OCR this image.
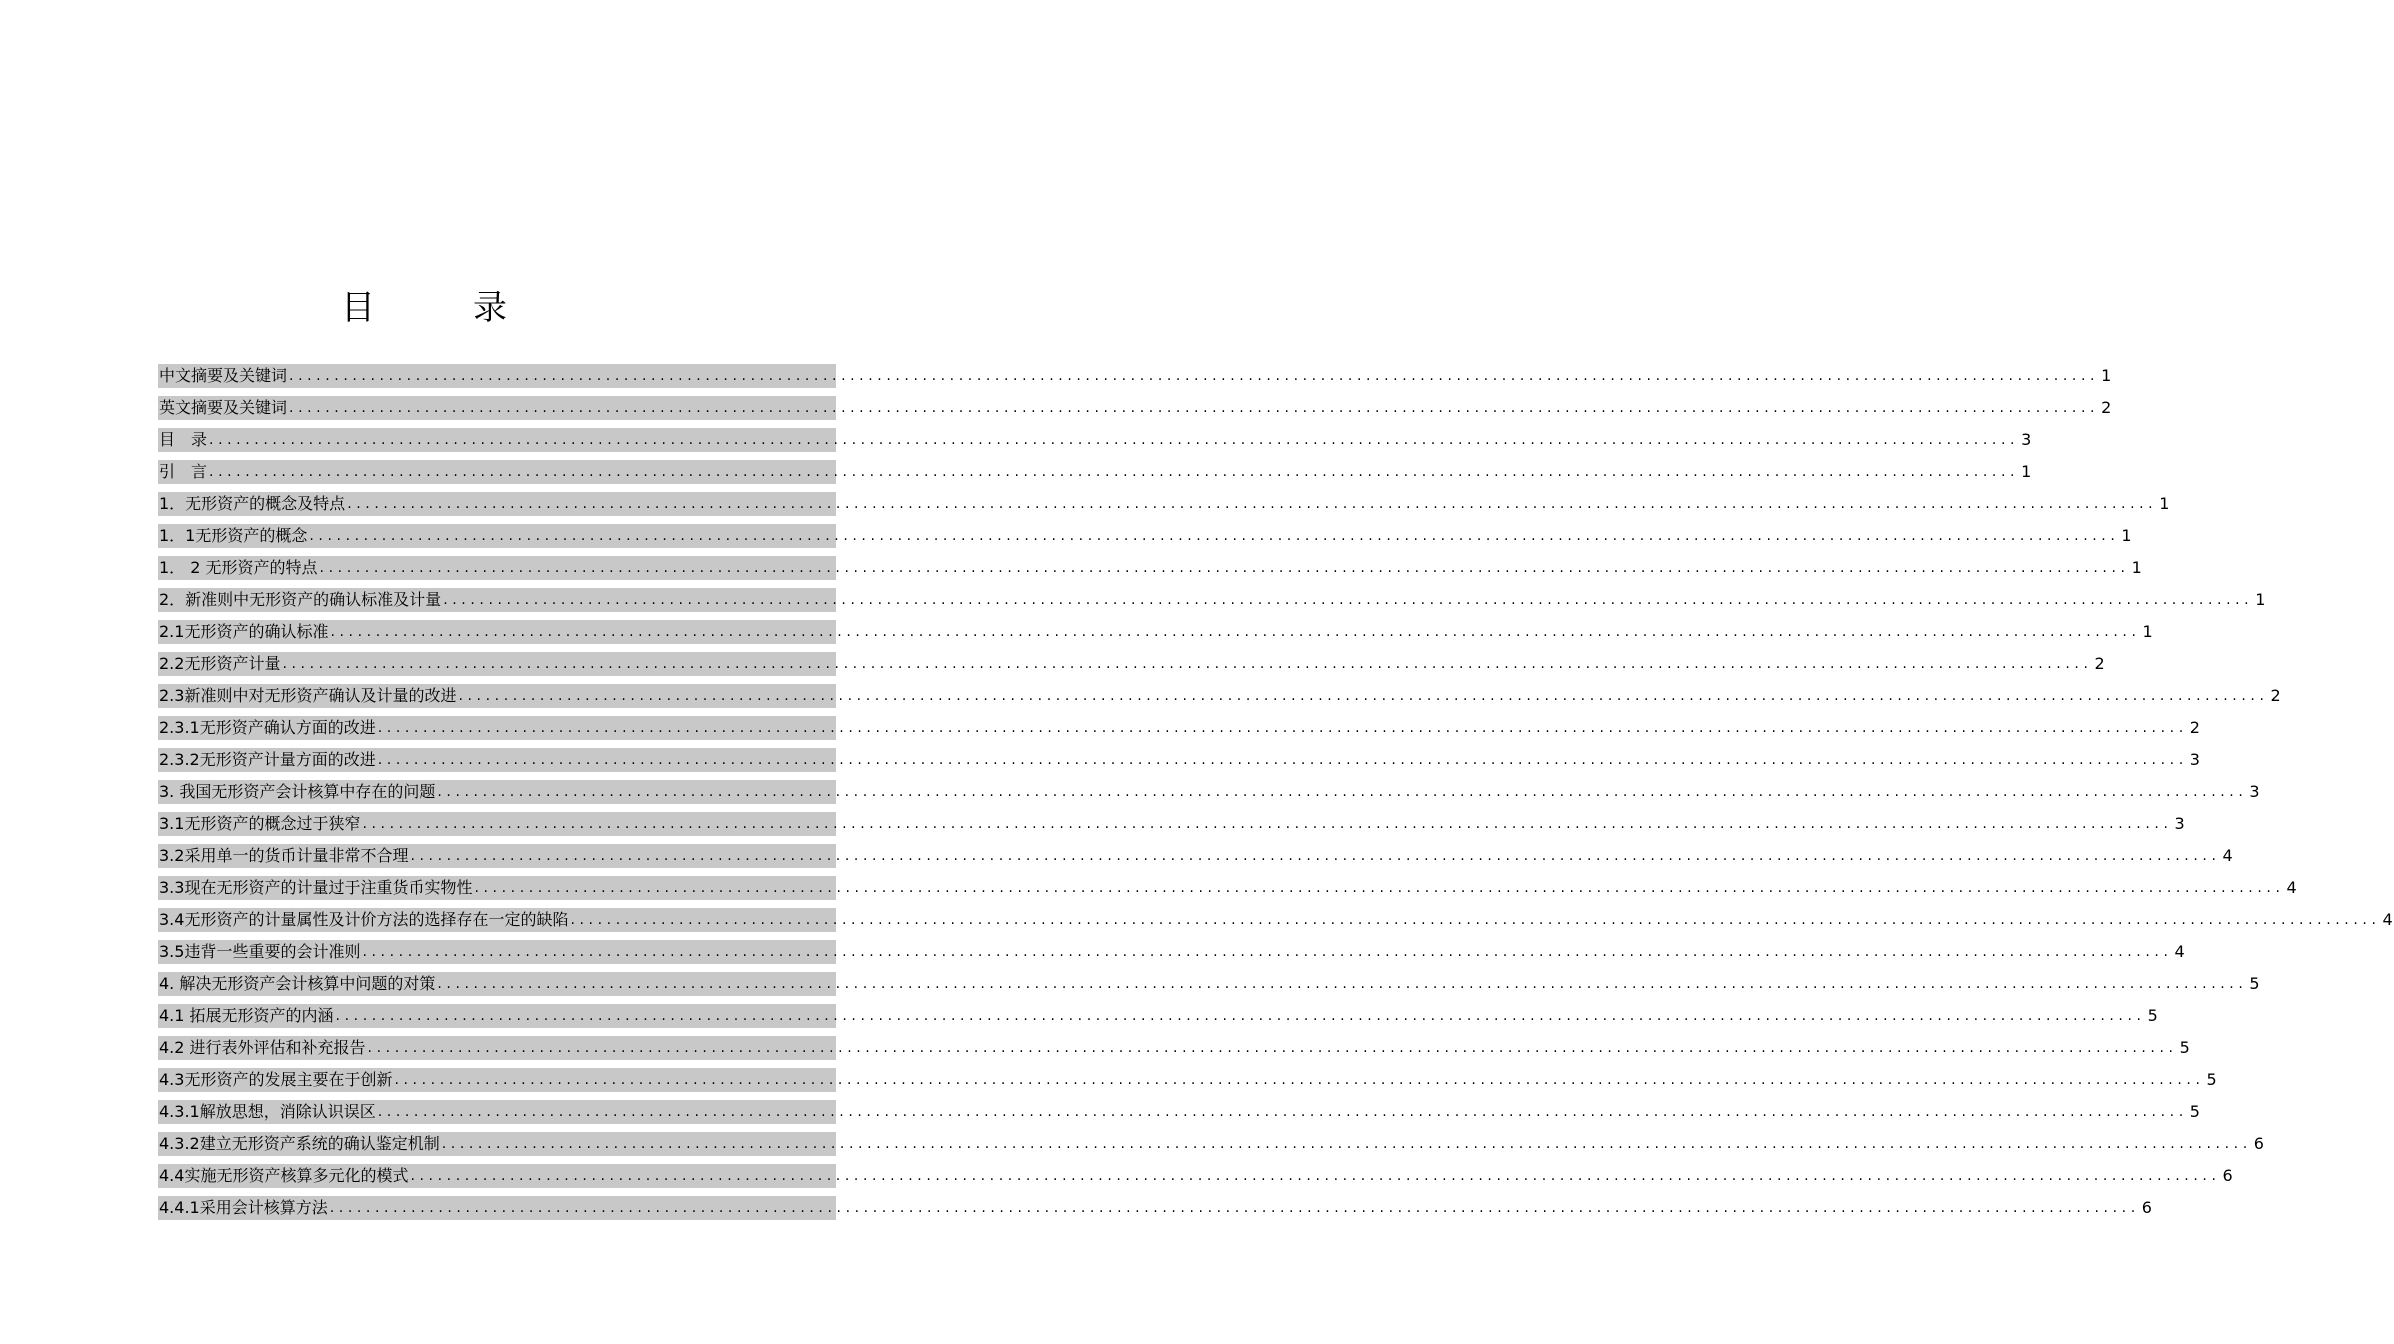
目　录
中文摘要及关键词 ........................................................................................................................................................................................................ 1
英文摘要及关键词 ........................................................................................................................................................................................................ 2
目　录 ........................................................................................................................................................................................................ 3
引　言 ........................................................................................................................................................................................................ 1
1．无形资产的概念及特点 ........................................................................................................................................................................................................ 1
1．1无形资产的概念 ........................................................................................................................................................................................................ 1
1． 2 无形资产的特点 ........................................................................................................................................................................................................ 1
2．新准则中无形资产的确认标准及计量 ........................................................................................................................................................................................................ 1
2.1无形资产的确认标准 ........................................................................................................................................................................................................ 1
2.2无形资产计量 ........................................................................................................................................................................................................ 2
2.3新准则中对无形资产确认及计量的改进 ........................................................................................................................................................................................................ 2
2.3.1无形资产确认方面的改进 ........................................................................................................................................................................................................ 2
2.3.2无形资产计量方面的改进 ........................................................................................................................................................................................................ 3
3. 我国无形资产会计核算中存在的问题 ........................................................................................................................................................................................................ 3
3.1无形资产的概念过于狭窄 ........................................................................................................................................................................................................ 3
3.2采用单一的货币计量非常不合理 ........................................................................................................................................................................................................ 4
3.3现在无形资产的计量过于注重货币实物性 ........................................................................................................................................................................................................ 4
3.4无形资产的计量属性及计价方法的选择存在一定的缺陷 ........................................................................................................................................................................................................ 4
3.5违背一些重要的会计准则 ........................................................................................................................................................................................................ 4
4. 解决无形资产会计核算中问题的对策 ........................................................................................................................................................................................................ 5
4.1 拓展无形资产的内涵 ........................................................................................................................................................................................................ 5
4.2 进行表外评估和补充报告 ........................................................................................................................................................................................................ 5
4.3无形资产的发展主要在于创新 ........................................................................................................................................................................................................ 5
4.3.1解放思想，消除认识误区 ........................................................................................................................................................................................................ 5
4.3.2建立无形资产系统的确认鉴定机制 ........................................................................................................................................................................................................ 6
4.4实施无形资产核算多元化的模式 ........................................................................................................................................................................................................ 6
4.4.1采用会计核算方法 ........................................................................................................................................................................................................ 6
